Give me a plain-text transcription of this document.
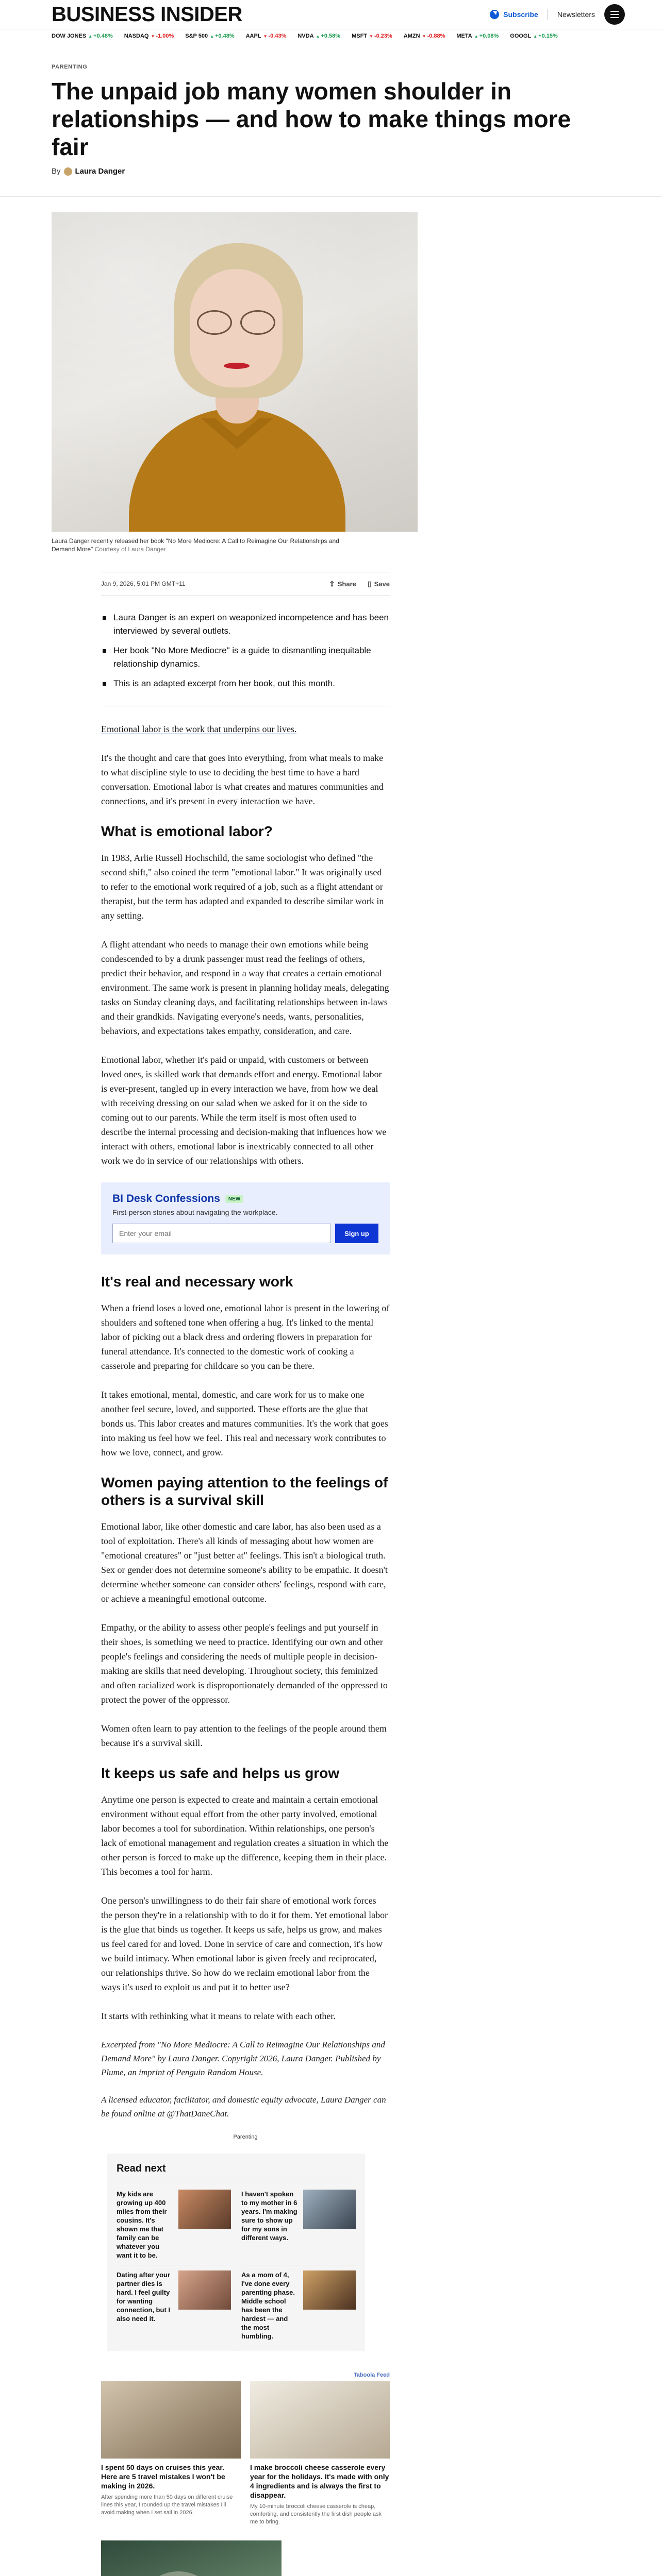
BUSINESS INSIDER	Subscribe	Newsletters
DOW JONES ▲ +0.48% NASDAQ ▼ -1.00% S&P 500 ▲ +0.48% AAPL ▼ -0.43% NVDA ▲ +0.58% MSFT ▼ -0.23% AMZN ▼ -0.88% META ▲ +0.08% GOOGL ▲ +0.15%
PARENTING
The unpaid job many women shoulder in relationships — and how to make things more fair
By Laura Danger
Laura Danger recently released her book "No More Mediocre: A Call to Reimagine Our Relationships and Demand More" Courtesy of Laura Danger
Jan 9, 2026, 5:01 PM GMT+11	⇪ Share ▯ Save
Laura Danger is an expert on weaponized incompetence and has been interviewed by several outlets.
Her book "No More Mediocre" is a guide to dismantling inequitable relationship dynamics.
This is an adapted excerpt from her book, out this month.

Emotional labor is the work that underpins our lives.

It's the thought and care that goes into everything, from what meals to make to what discipline style to use to deciding the best time to have a hard conversation. Emotional labor is what creates and matures communities and connections, and it's present in every interaction we have.

What is emotional labor?

In 1983, Arlie Russell Hochschild, the same sociologist who defined "the second shift," also coined the term "emotional labor." It was originally used to refer to the emotional work required of a job, such as a flight attendant or therapist, but the term has adapted and expanded to describe similar work in any setting.

A flight attendant who needs to manage their own emotions while being condescended to by a drunk passenger must read the feelings of others, predict their behavior, and respond in a way that creates a certain emotional environment. The same work is present in planning holiday meals, delegating tasks on Sunday cleaning days, and facilitating relationships between in-laws and their grandkids. Navigating everyone's needs, wants, personalities, behaviors, and expectations takes empathy, consideration, and care.

Emotional labor, whether it's paid or unpaid, with customers or between loved ones, is skilled work that demands effort and energy. Emotional labor is ever-present, tangled up in every interaction we have, from how we deal with receiving dressing on our salad when we asked for it on the side to coming out to our parents. While the term itself is most often used to describe the internal processing and decision-making that influences how we interact with others, emotional labor is inextricably connected to all other work we do in service of our relationships with others.

BI Desk Confessions	NEW
First-person stories about navigating the workplace.
Enter your email
Sign up
It's real and necessary work

When a friend loses a loved one, emotional labor is present in the lowering of shoulders and softened tone when offering a hug. It's linked to the mental labor of picking out a black dress and ordering flowers in preparation for funeral attendance. It's connected to the domestic work of cooking a casserole and preparing for childcare so you can be there.

It takes emotional, mental, domestic, and care work for us to make one another feel secure, loved, and supported. These efforts are the glue that bonds us. This labor creates and matures communities. It's the work that goes into making us feel how we feel. This real and necessary work contributes to how we love, connect, and grow.

Women paying attention to the feelings of others is a survival skill

Emotional labor, like other domestic and care labor, has also been used as a tool of exploitation. There's all kinds of messaging about how women are "emotional creatures" or "just better at" feelings. This isn't a biological truth. Sex or gender does not determine someone's ability to be empathic. It doesn't determine whether someone can consider others' feelings, respond with care, or achieve a meaningful emotional outcome.

Empathy, or the ability to assess other people's feelings and put yourself in their shoes, is something we need to practice. Identifying our own and other people's feelings and considering the needs of multiple people in decision-making are skills that need developing. Throughout society, this feminized and often racialized work is disproportionately demanded of the oppressed to protect the power of the oppressor.

Women often learn to pay attention to the feelings of the people around them because it's a survival skill.

It keeps us safe and helps us grow

Anytime one person is expected to create and maintain a certain emotional environment without equal effort from the other party involved, emotional labor becomes a tool for subordination. Within relationships, one person's lack of emotional management and regulation creates a situation in which the other person is forced to make up the difference, keeping them in their place. This becomes a tool for harm.

One person's unwillingness to do their fair share of emotional work forces the person they're in a relationship with to do it for them. Yet emotional labor is the glue that binds us together. It keeps us safe, helps us grow, and makes us feel cared for and loved. Done in service of care and connection, it's how we build intimacy. When emotional labor is given freely and reciprocated, our relationships thrive. So how do we reclaim emotional labor from the ways it's used to exploit us and put it to better use?

It starts with rethinking what it means to relate with each other.

Excerpted from "No More Mediocre: A Call to Reimagine Our Relationships and Demand More" by Laura Danger. Copyright 2026, Laura Danger. Published by Plume, an imprint of Penguin Random House.

A licensed educator, facilitator, and domestic equity advocate, Laura Danger can be found online at @ThatDaneChat.

Parenting
Read next
My kids are growing up 400 miles from their cousins. It's shown me that family can be whatever you want it to be.
I haven't spoken to my mother in 6 years. I'm making sure to show up for my sons in different ways.
Dating after your partner dies is hard. I feel guilty for wanting connection, but I also need it.
As a mom of 4, I've done every parenting phase. Middle school has been the hardest — and the most humbling.
Taboola Feed
I spent 50 days on cruises this year. Here are 5 travel mistakes I won't be making in 2026.
After spending more than 50 days on different cruise lines this year, I rounded up the travel mistakes I'll avoid making when I set sail in 2026.
I make broccoli cheese casserole every year for the holidays. It's made with only 4 ingredients and is always the first to disappear.
My 10-minute broccoli cheese casserole is cheap, comforting, and consistently the first dish people ask me to bring.
